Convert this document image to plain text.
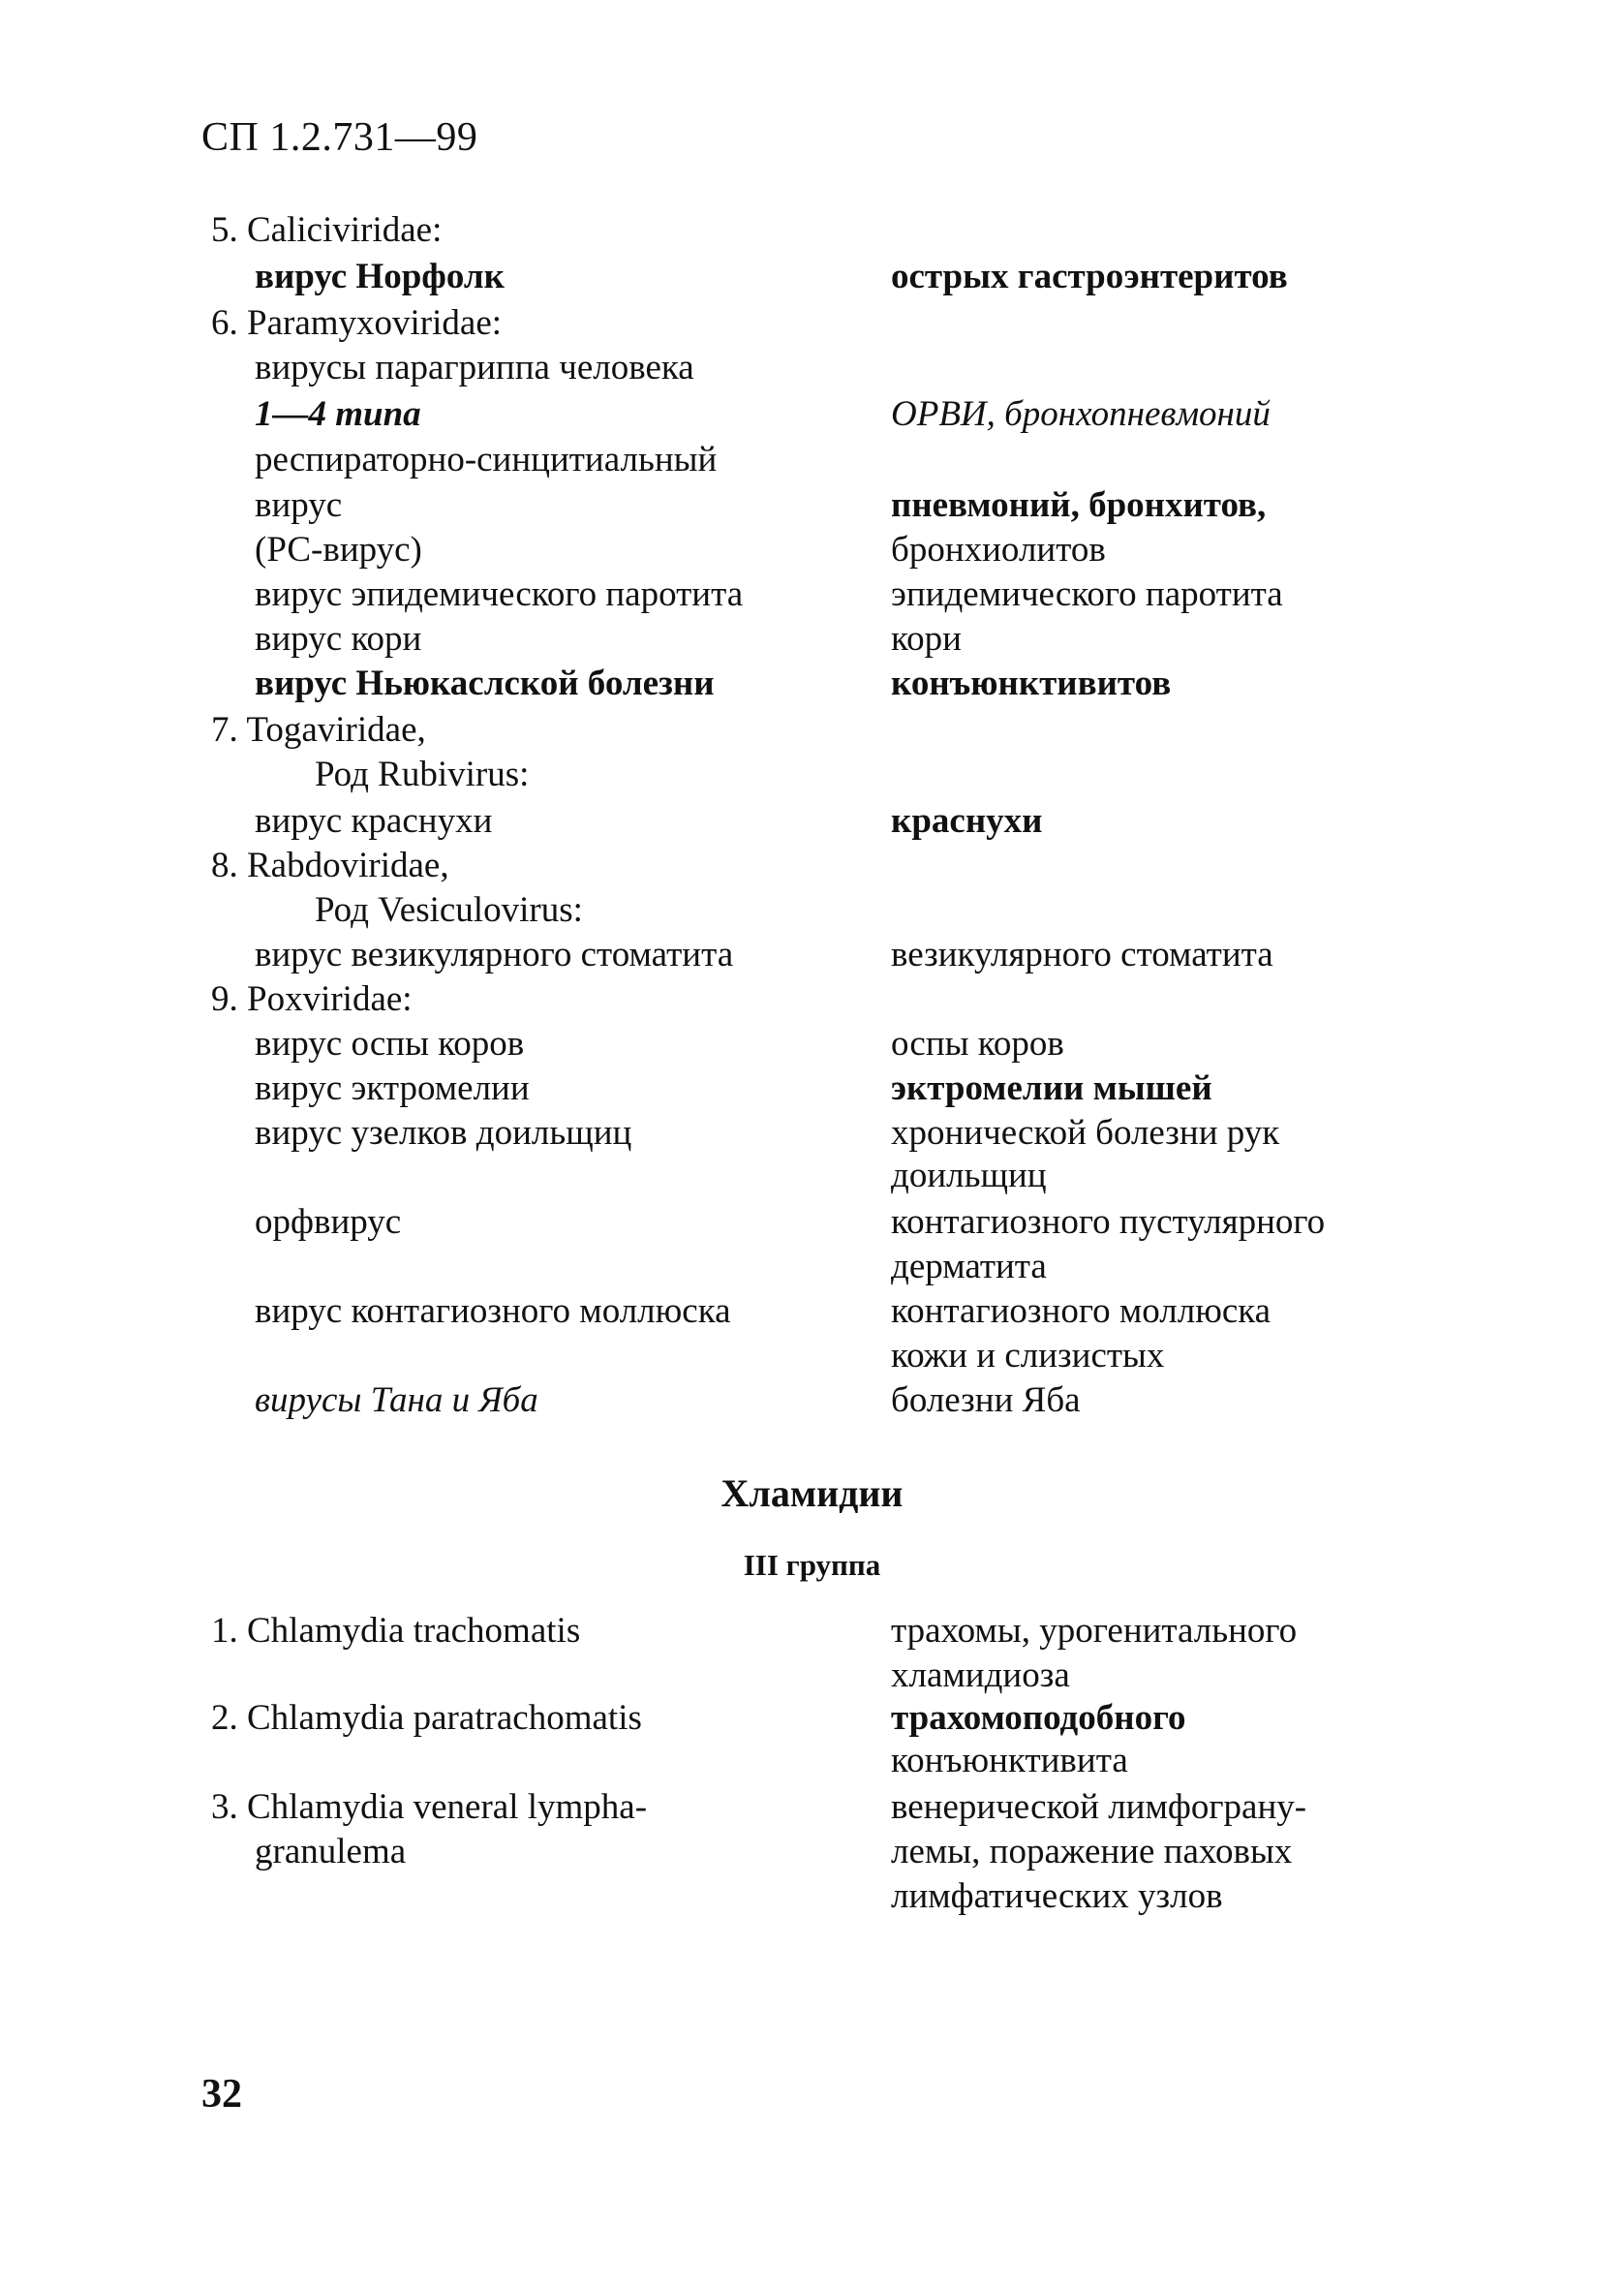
СП 1.2.731—99
5. Caliciviridae:
вирус Норфолк	острых гастроэнтеритов
6. Paramyxoviridae:
вирусы парагриппа человека
1—4 типа	ОРВИ, бронхопневмоний
респираторно-синцитиальный
вирус	пневмоний, бронхитов,
(РС-вирус)	бронхиолитов
вирус эпидемического паротита	эпидемического паротита
вирус кори	кори
вирус Ньюкаслской болезни	конъюнктивитов
7. Togaviridae,
Род Rubivirus:
вирус краснухи	краснухи
8. Rabdoviridae,
Род Vesiculovirus:
вирус везикулярного стоматита	везикулярного стоматита
9. Poxviridae:
вирус оспы коров	оспы коров
вирус эктромелии	эктромелии мышей
вирус узелков доильщиц	хронической болезни рук
доильщиц
орфвирус	контагиозного пустулярного
дерматита
вирус контагиозного моллюска	контагиозного моллюска
кожи и слизистых
вирусы Тана и Яба	болезни Яба
Хламидии
III группа
1. Chlamydia trachomatis	трахомы, урогенитального
хламидиоза
2. Chlamydia paratrachomatis	трахомоподобного
конъюнктивита
3. Chlamydia veneral lympha-	венерической лимфограну-
granulema	лемы, поражение паховых
лимфатических узлов
32
